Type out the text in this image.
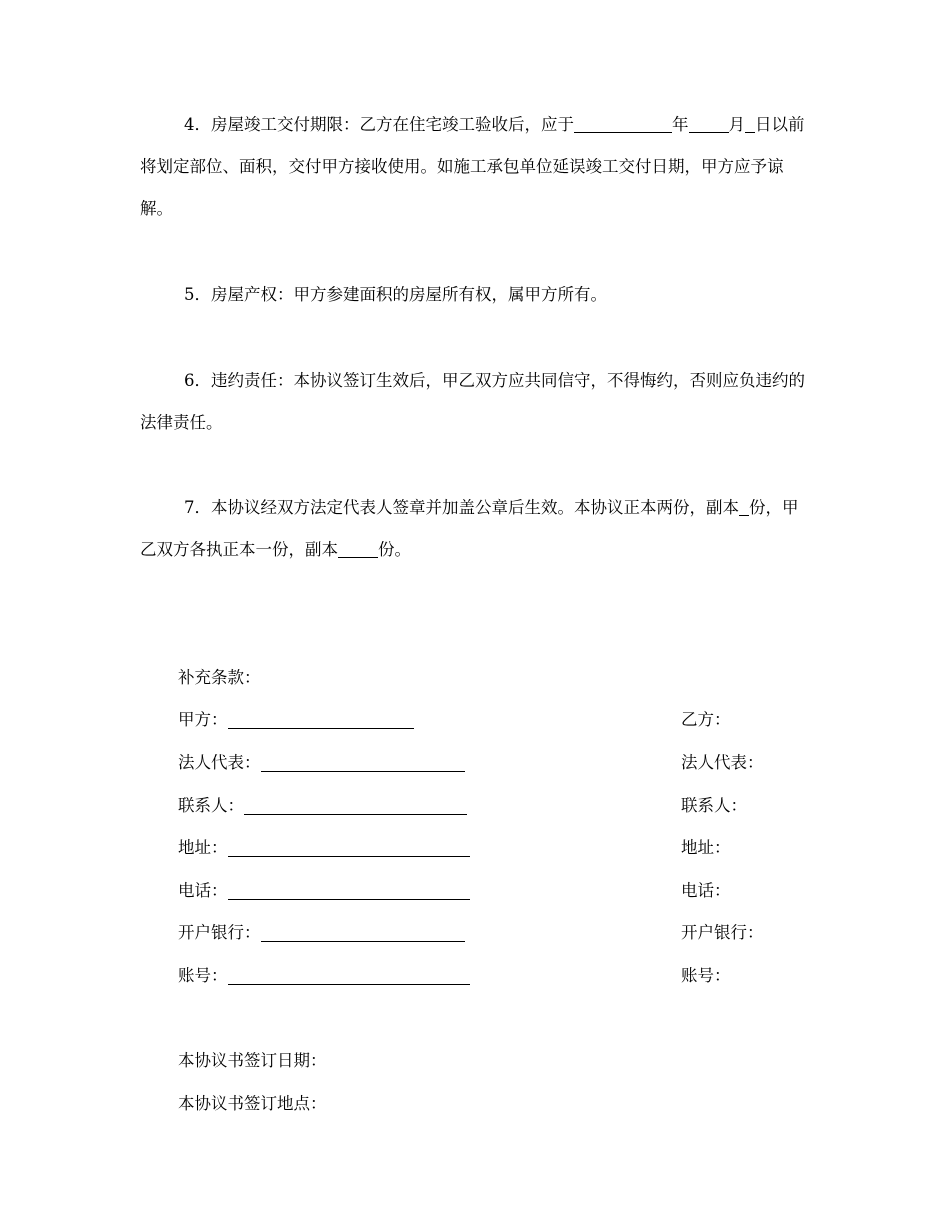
4．房屋竣工交付期限：乙方在住宅竣工验收后，应于	年 月 日以前将划定部位、面积，交付甲方接收使用。如施工承包单位延误竣工交付日期，甲方应予谅解。
5．房屋产权：甲方参建面积的房屋所有权，属甲方所有。
6．违约责任：本协议签订生效后，甲乙双方应共同信守，不得悔约，否则应负违约的法律责任。
7．本协议经双方法定代表人签章并加盖公章后生效。本协议正本两份，副本 份，甲乙双方各执正本一份，副本 份。
补充条款：
甲方：
法人代表：
联系人：
地址：
电话：
开户银行：
账号：
乙方：
法人代表：
联系人：
地址：
电话：
开户银行：
账号：
本协议书签订日期：
本协议书签订地点：
